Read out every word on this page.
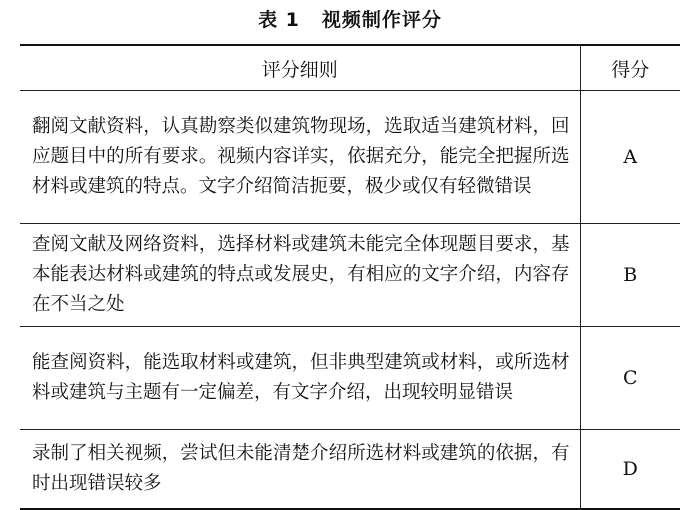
表 1 视频制作评分
评分细则	得分
翻阅文献资料，认真勘察类似建筑物现场，选取适当建筑材料，回应题目中的所有要求。视频内容详实，依据充分，能完全把握所选材料或建筑的特点。文字介绍简洁扼要，极少或仅有轻微错误	A
查阅文献及网络资料，选择材料或建筑未能完全体现题目要求，基本能表达材料或建筑的特点或发展史，有相应的文字介绍，内容存在不当之处	B
能查阅资料，能选取材料或建筑，但非典型建筑或材料，或所选材料或建筑与主题有一定偏差，有文字介绍，出现较明显错误	C
录制了相关视频，尝试但未能清楚介绍所选材料或建筑的依据，有时出现错误较多	D
